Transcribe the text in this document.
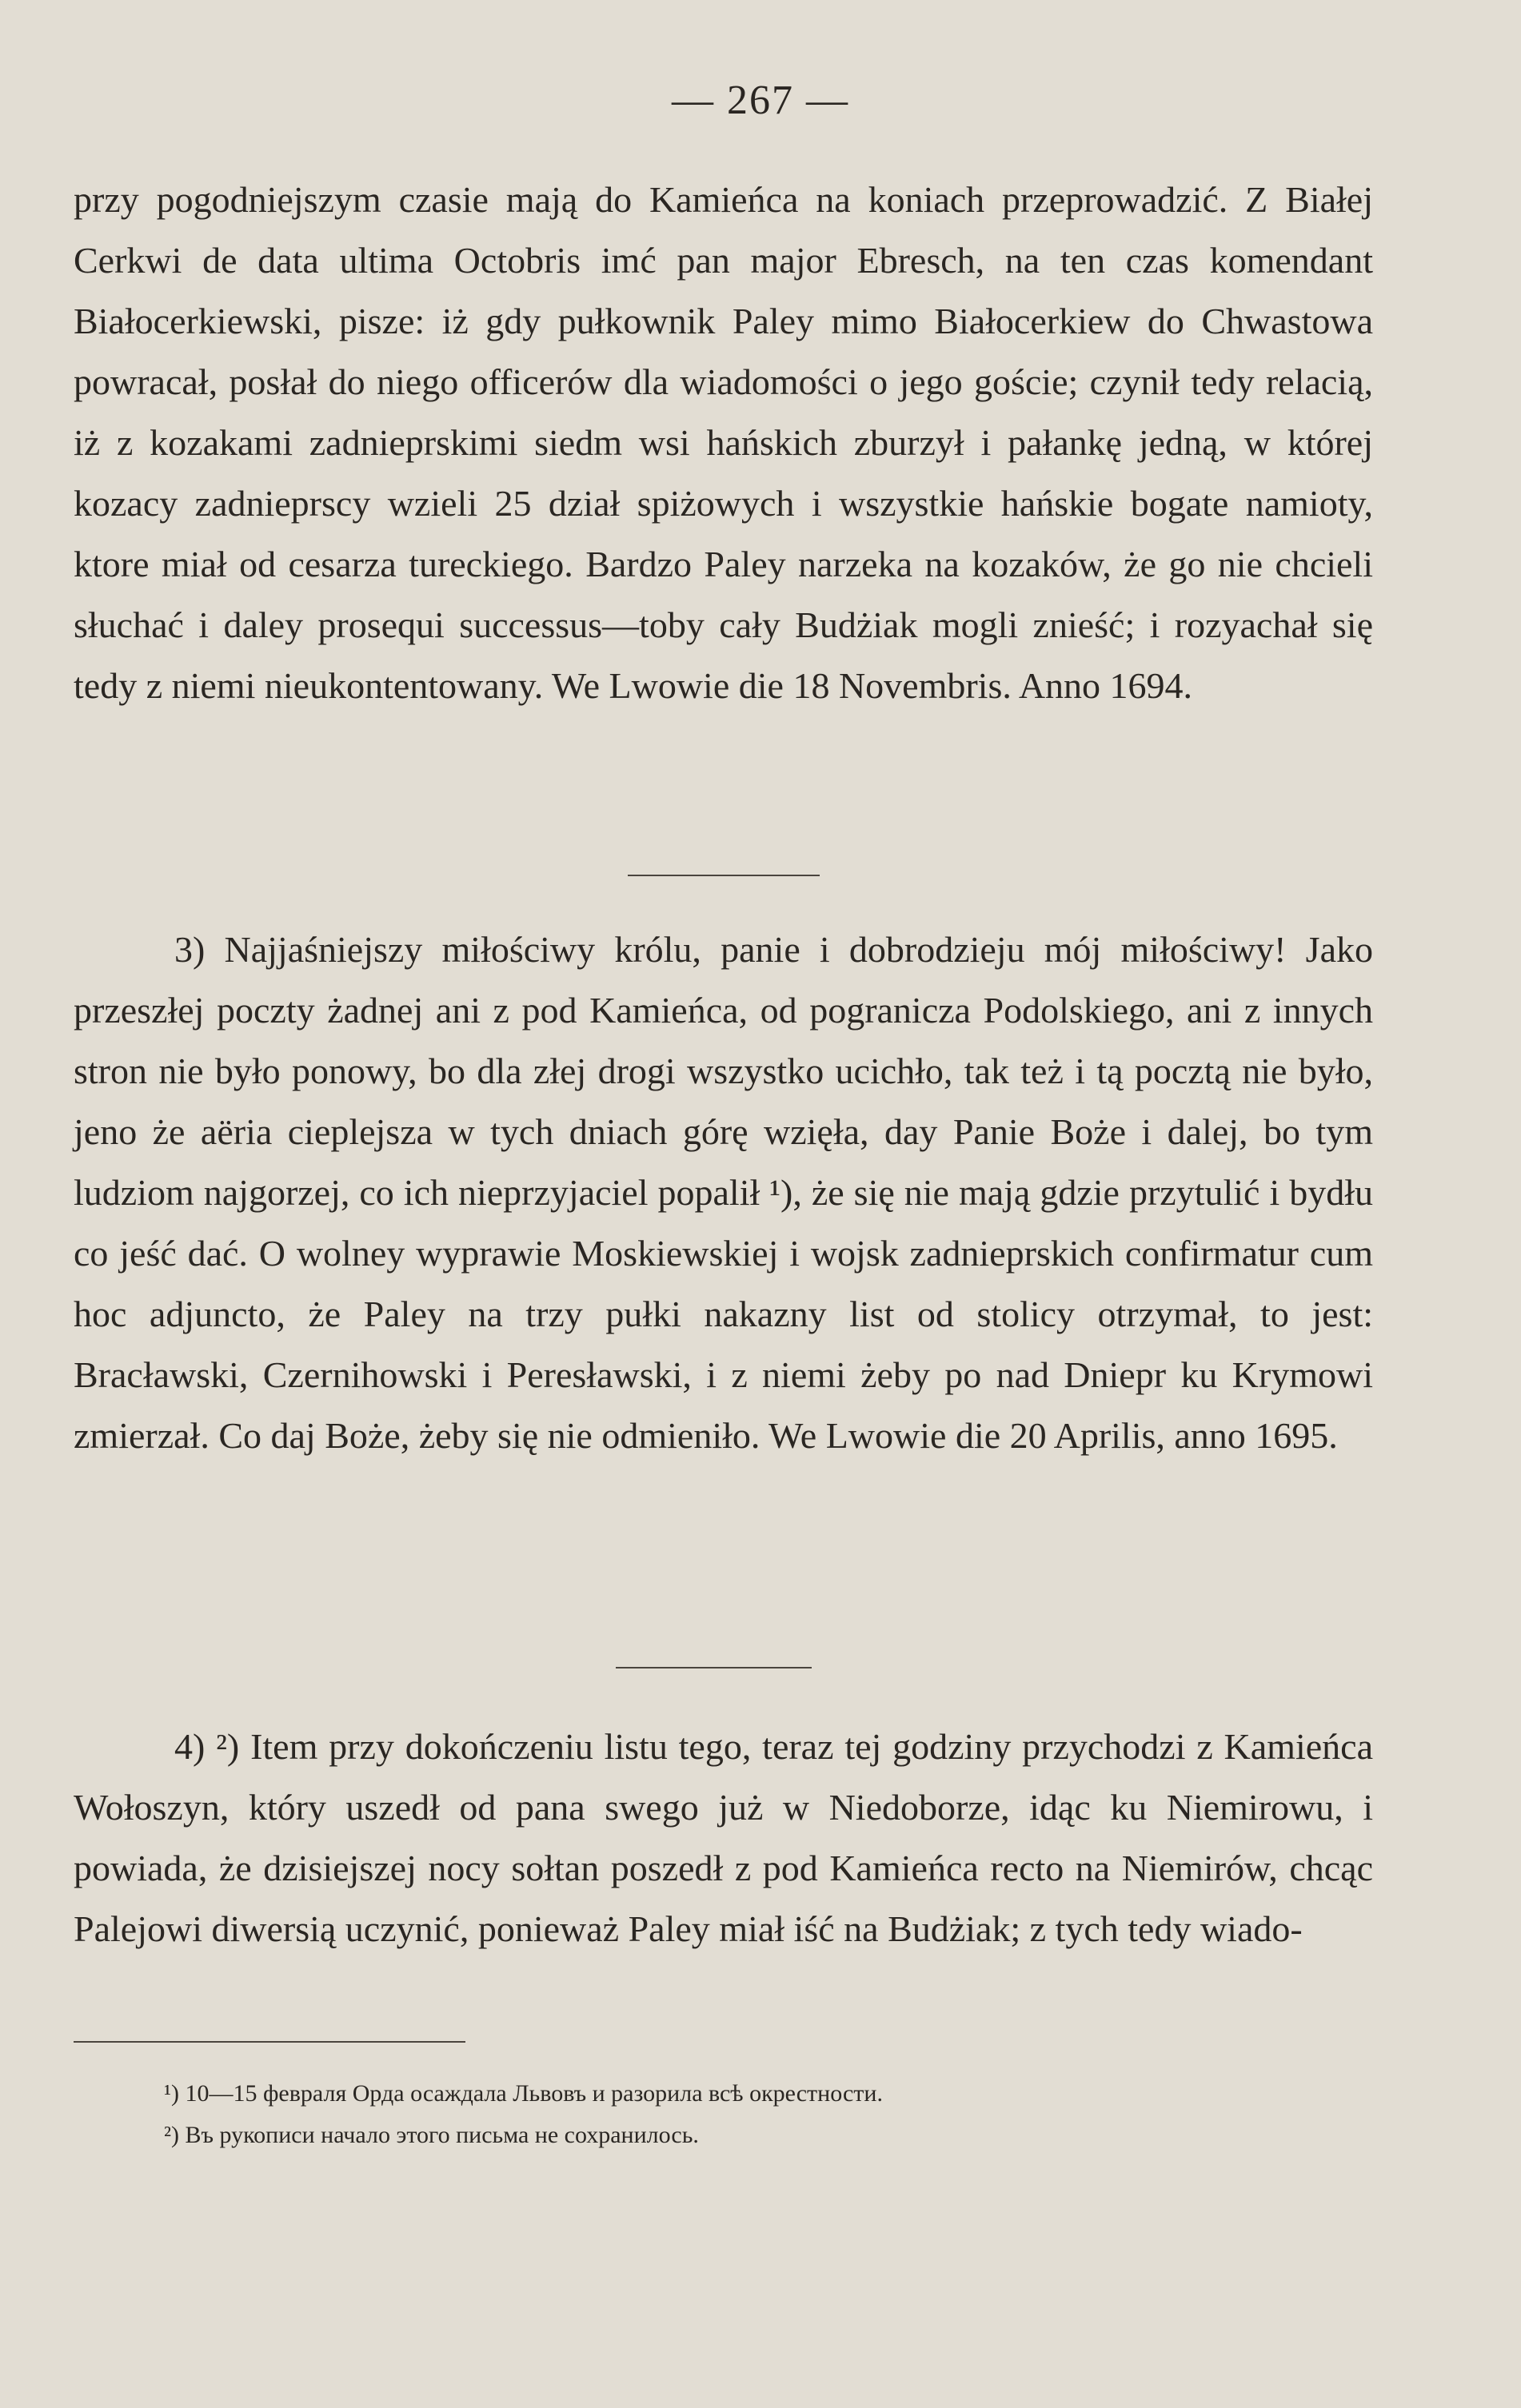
— 267 —

przy pogodniejszym czasie mają do Kamieńca na koniach przeprowadzić. Z Białej Cerkwi de data ultima Octobris imć pan major Ebresch, na ten czas komendant Białocerkiewski, pisze: iż gdy pułkownik Paley mimo Białocerkiew do Chwastowa powracał, posłał do niego officerów dla wiadomości o jego goście; czynił tedy relacią, iż z kozakami zadnieprskimi siedm wsi hańskich zburzył i pałankę jedną, w której kozacy zadnieprscy wzieli 25 dział spiżowych i wszystkie hańskie bogate namioty, ktore miał od cesarza tureckiego. Bardzo Paley narzeka na kozaków, że go nie chcieli słuchać i daley prosequi successus—toby cały Budżiak mogli znieść; i rozyachał się tedy z niemi nieukontentowany. We Lwowie die 18 Novembris. Anno 1694.

3) Najjaśniejszy miłościwy królu, panie i dobrodzieju mój miłościwy! Jako przeszłej poczty żadnej ani z pod Kamieńca, od pogranicza Podolskiego, ani z innych stron nie było ponowy, bo dla złej drogi wszystko ucichło, tak też i tą pocztą nie było, jeno że aëria cieplejsza w tych dniach górę wzięła, day Panie Boże i dalej, bo tym ludziom najgorzej, co ich nieprzyjaciel popalił ¹), że się nie mają gdzie przytulić i bydłu co jeść dać. O wolney wyprawie Moskiewskiej i wojsk zadnieprskich confirmatur cum hoc adjuncto, że Paley na trzy pułki nakazny list od stolicy otrzymał, to jest: Bracławski, Czernihowski i Peresławski, i z niemi żeby po nad Dniepr ku Krymowi zmierzał. Co daj Boże, żeby się nie odmieniło. We Lwowie die 20 Aprilis, anno 1695.

4) ²) Item przy dokończeniu listu tego, teraz tej godziny przychodzi z Kamieńca Wołoszyn, który uszedł od pana swego już w Niedoborze, idąc ku Niemirowu, i powiada, że dzisiejszej nocy sołtan poszedł z pod Kamieńca recto na Niemirów, chcąc Palejowi diwersią uczynić, ponieważ Paley miał iść na Budżiak; z tych tedy wiado-

¹) 10—15 февраля Орда осаждала Львовъ и разорила всѣ окрестности.
²) Въ рукописи начало этого письма не сохранилось.
